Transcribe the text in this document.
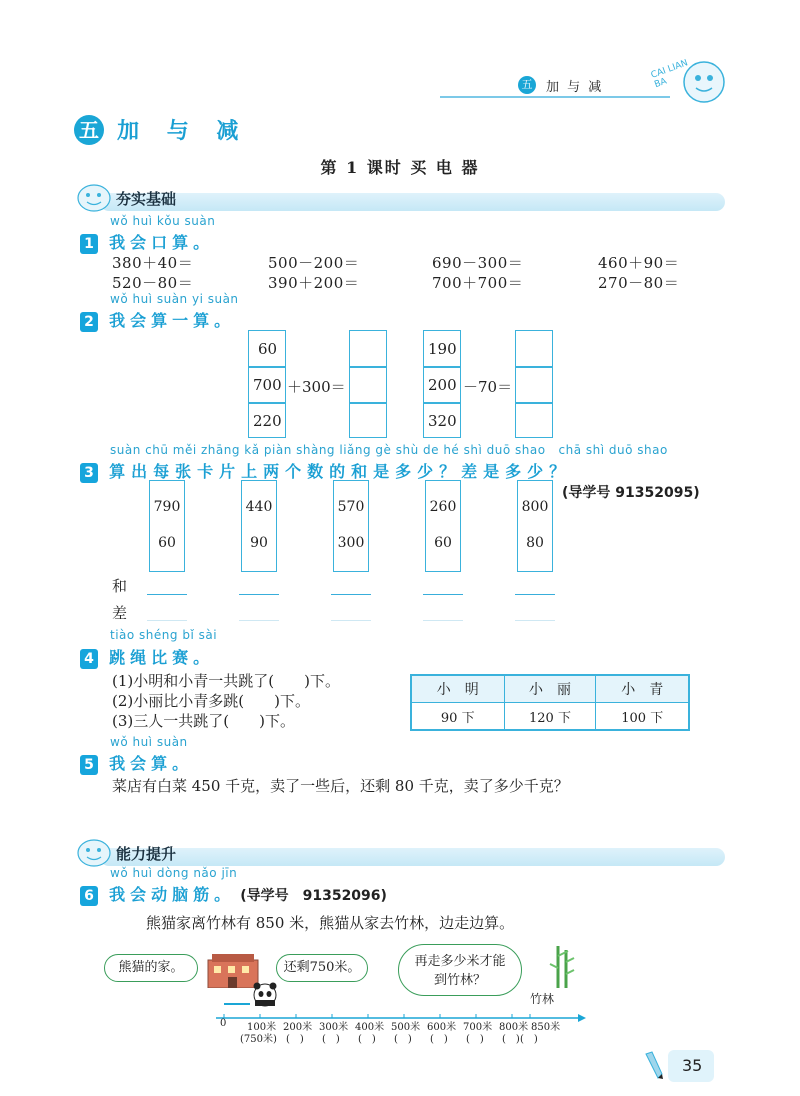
五 加 与 减
CAI LIAN BA
五 加 与 减
第 1 课时 买 电 器
夯实基础
wǒ huì kǒu suàn
1 我会口算。
380＋40＝	500－200＝	690－300＝	460＋90＝
520－80＝	390＋200＝	700＋700＝	270－80＝
wǒ huì suàn yi suàn
2 我会算一算。
60
700
220
＋300＝
190
200
320
－70＝
suàn chū měi zhāng kǎ piàn shàng liǎng gè shù de hé shì duō shao   chā shì duō shao
3 算出每张卡片上两个数的和是多少？差是多少？
(导学号 91352095)
790
60
440
90
570
300
260
60
800
80
和
差
tiào shéng bǐ sài
4 跳绳比赛。
(1)小明和小青一共跳了(　　)下。
(2)小丽比小青多跳(　　)下。
(3)三人一共跳了(　　)下。
小　明	小　丽	小　青
90 下	120 下	100 下
wǒ huì suàn
5 我会算。
菜店有白菜 450 千克，卖了一些后，还剩 80 千克，卖了多少千克？
能力提升
wǒ huì dòng nǎo jīn
6 我会动脑筋。 (导学号　91352096)
熊猫家离竹林有 850 米，熊猫从家去竹林，边走边算。
熊猫的家。	还剩750米。	再走多少米才能到竹林？
竹林
0 100米 200米 300米 400米 500米 600米 700米 800米 850米
(750米) (　) (　) (　) (　) (　) (　) (　) (　)
35
